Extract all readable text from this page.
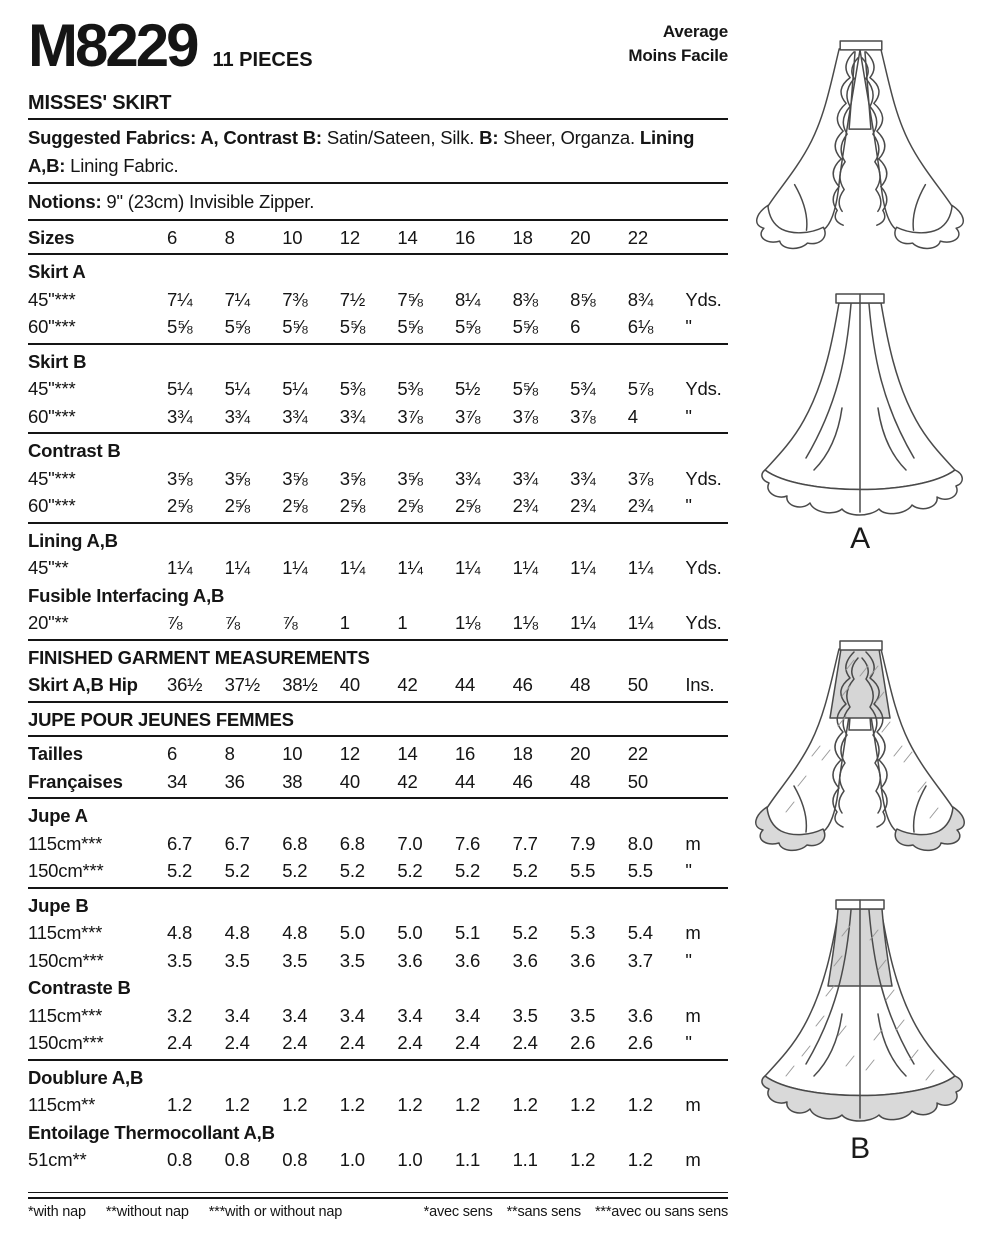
M8229 11 PIECES
Average
Moins Facile
MISSES' SKIRT
Suggested Fabrics: A, Contrast B: Satin/Sateen, Silk. B: Sheer, Organza. Lining A,B: Lining Fabric.
Notions: 9" (23cm) Invisible Zipper.
Sizes	6	8	10	12	14	16	18	20	22
Skirt A
45"***	7¼	7¼	7⅜	7½	7⅝	8¼	8⅜	8⅝	8¾	Yds.
60"***	5⅝	5⅝	5⅝	5⅝	5⅝	5⅝	5⅝	6	6⅛	"
Skirt B
45"***	5¼	5¼	5¼	5⅜	5⅜	5½	5⅝	5¾	5⅞	Yds.
60"***	3¾	3¾	3¾	3¾	3⅞	3⅞	3⅞	3⅞	4	"
Contrast B
45"***	3⅝	3⅝	3⅝	3⅝	3⅝	3¾	3¾	3¾	3⅞	Yds.
60"***	2⅝	2⅝	2⅝	2⅝	2⅝	2⅝	2¾	2¾	2¾	"
Lining A,B
45"**	1¼	1¼	1¼	1¼	1¼	1¼	1¼	1¼	1¼	Yds.
Fusible Interfacing A,B
20"**	⅞	⅞	⅞	1	1	1⅛	1⅛	1¼	1¼	Yds.
FINISHED GARMENT MEASUREMENTS
Skirt A,B Hip	36½	37½	38½	40	42	44	46	48	50	Ins.
JUPE POUR JEUNES FEMMES
Tailles	6	8	10	12	14	16	18	20	22
Françaises	34	36	38	40	42	44	46	48	50
Jupe A
115cm***	6.7	6.7	6.8	6.8	7.0	7.6	7.7	7.9	8.0	m
150cm***	5.2	5.2	5.2	5.2	5.2	5.2	5.2	5.5	5.5	"
Jupe B
115cm***	4.8	4.8	4.8	5.0	5.0	5.1	5.2	5.3	5.4	m
150cm***	3.5	3.5	3.5	3.5	3.6	3.6	3.6	3.6	3.7	"
Contraste B
115cm***	3.2	3.4	3.4	3.4	3.4	3.4	3.5	3.5	3.6	m
150cm***	2.4	2.4	2.4	2.4	2.4	2.4	2.4	2.6	2.6	"
Doublure A,B
115cm**	1.2	1.2	1.2	1.2	1.2	1.2	1.2	1.2	1.2	m
Entoilage Thermocollant A,B
51cm**	0.8	0.8	0.8	1.0	1.0	1.1	1.1	1.2	1.2	m
*with nap **without nap ***with or without nap	*avec sens **sans sens ***avec ou sans sens
A
B
